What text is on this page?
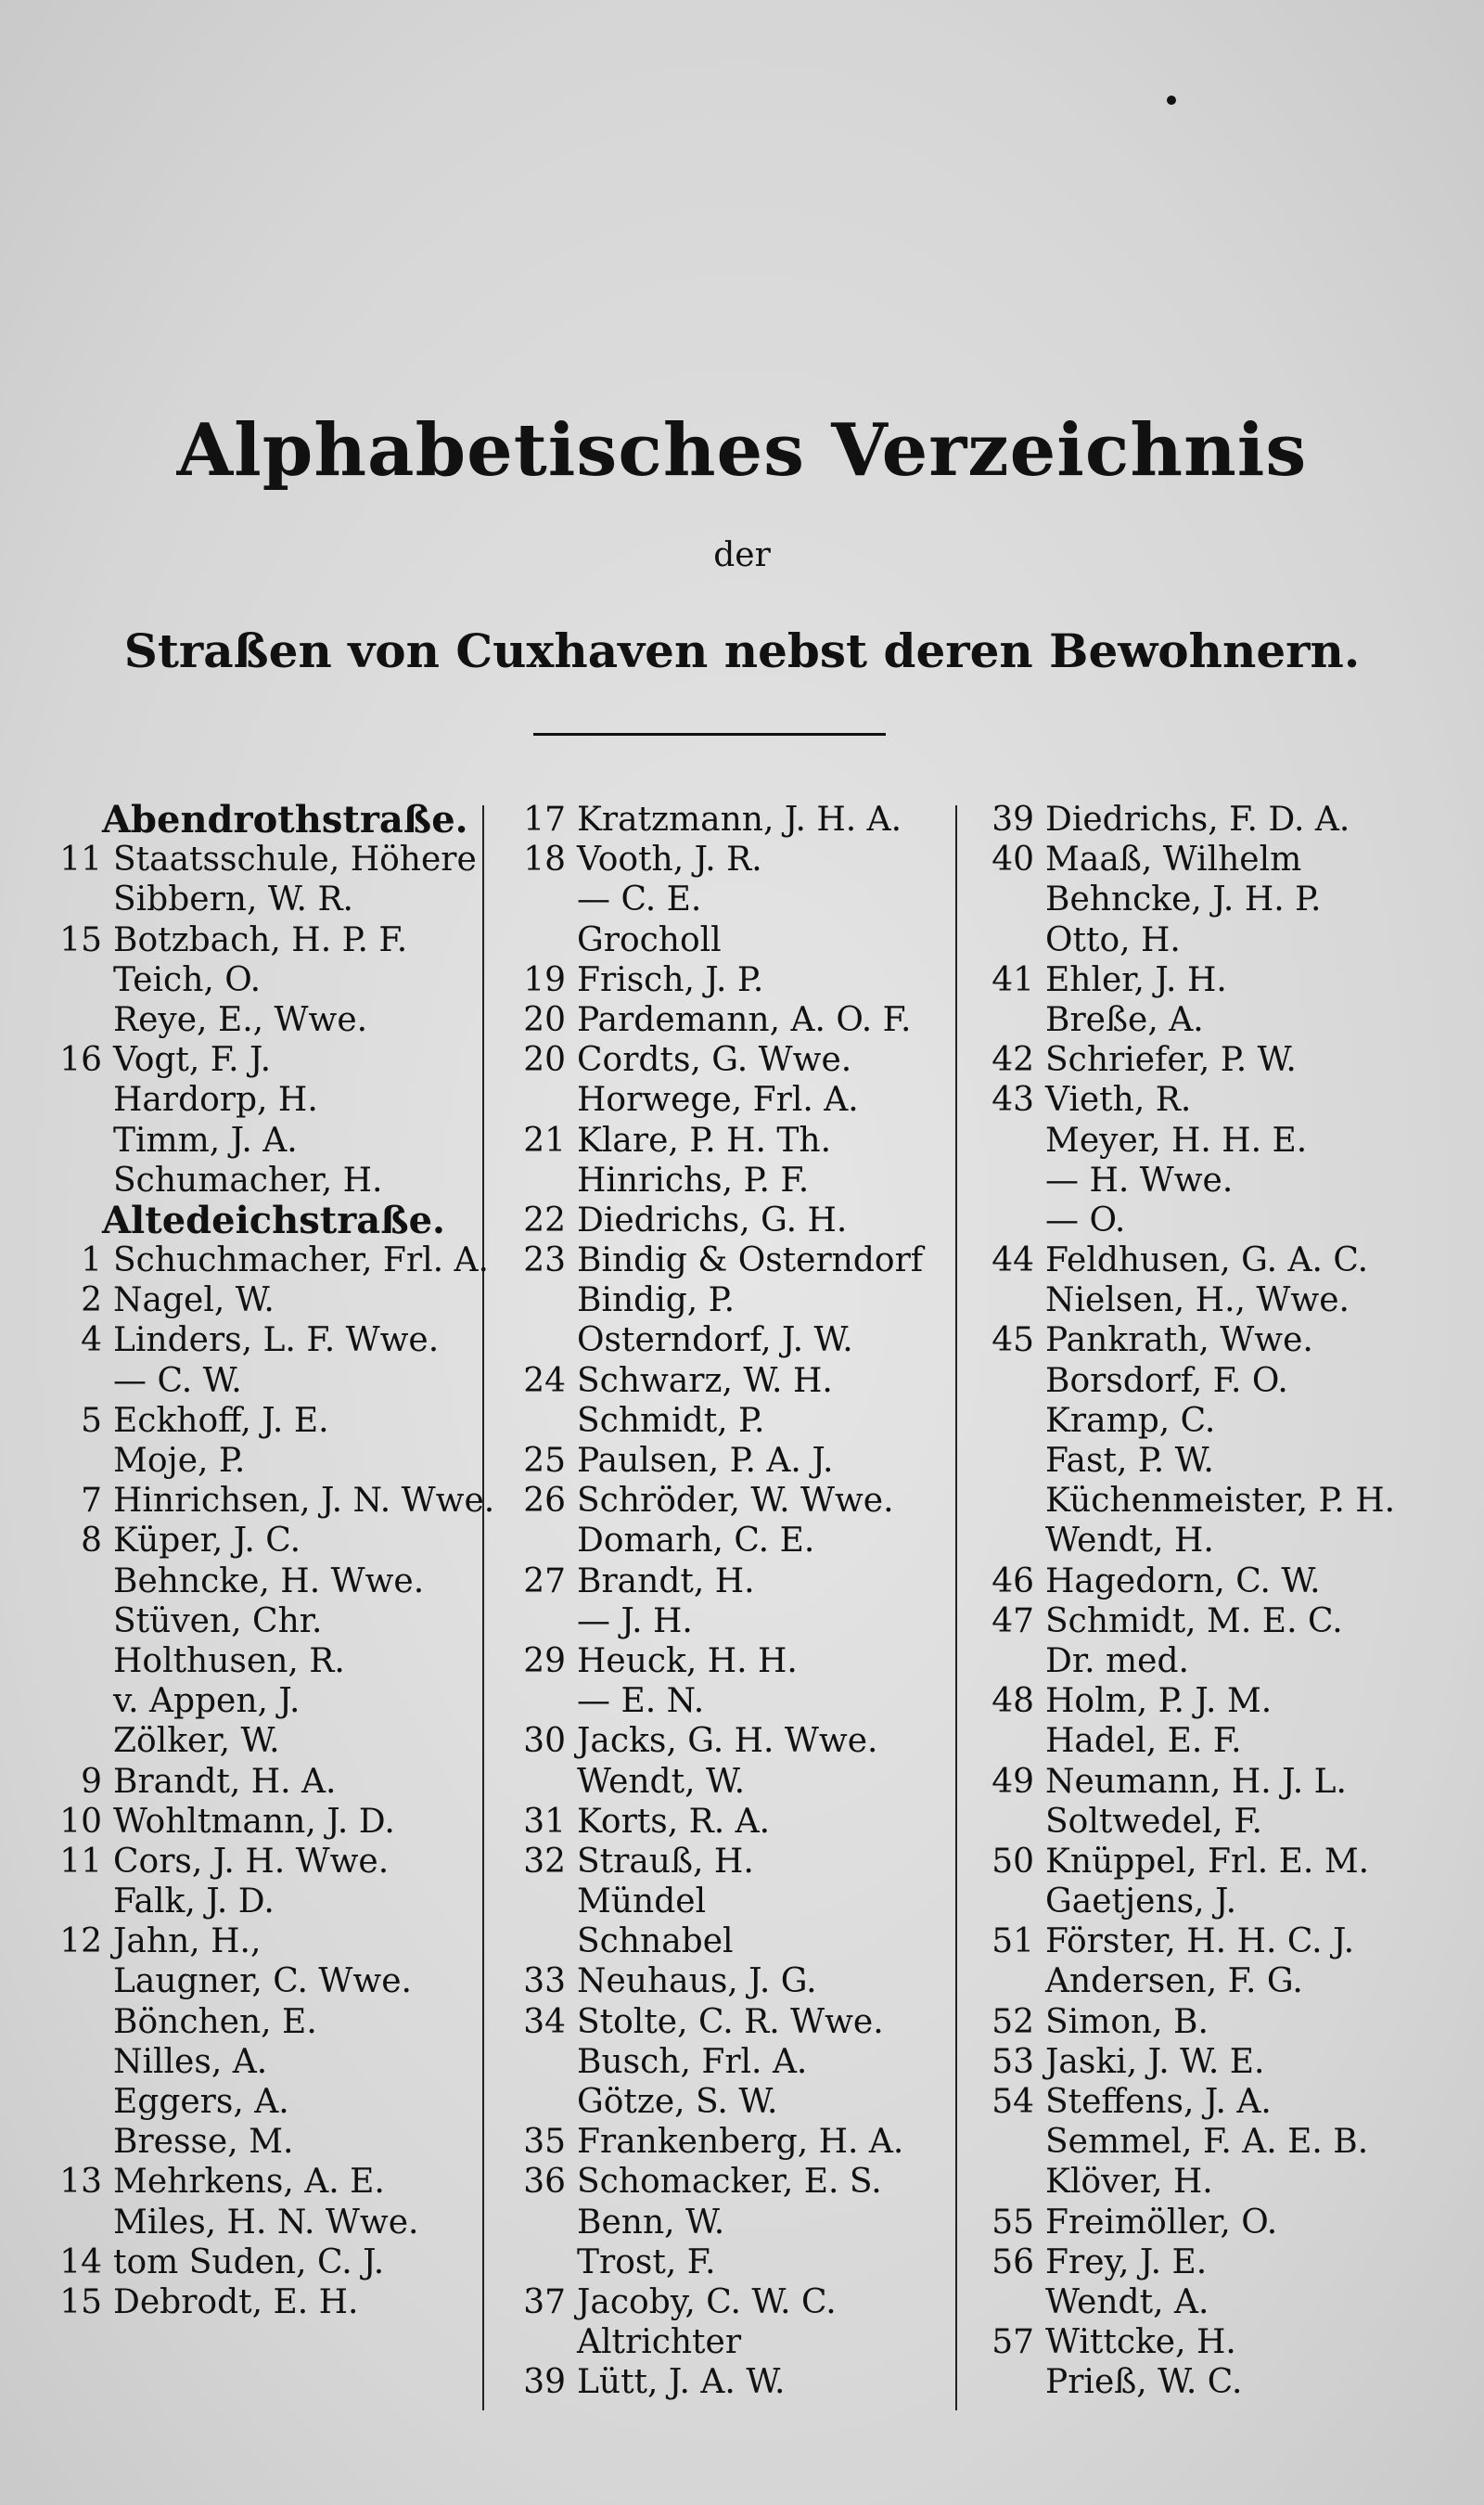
Alphabetisches Verzeichnis
der
Straßen von Cuxhaven nebst deren Bewohnern.
Abendrothstraße.
11 Staatsschule, Höhere
Sibbern, W. R.
15 Botzbach, H. P. F.
Teich, O.
Reye, E., Wwe.
16 Vogt, F. J.
Hardorp, H.
Timm, J. A.
Schumacher, H.
Altedeichstraße.
1 Schuchmacher, Frl. A.
2 Nagel, W.
4 Linders, L. F. Wwe.
— C. W.
5 Eckhoff, J. E.
Moje, P.
7 Hinrichsen, J. N. Wwe.
8 Küper, J. C.
Behncke, H. Wwe.
Stüven, Chr.
Holthusen, R.
v. Appen, J.
Zölker, W.
9 Brandt, H. A.
10 Wohltmann, J. D.
11 Cors, J. H. Wwe.
Falk, J. D.
12 Jahn, H.,
Laugner, C. Wwe.
Bönchen, E.
Nilles, A.
Eggers, A.
Bresse, M.
13 Mehrkens, A. E.
Miles, H. N. Wwe.
14 tom Suden, C. J.
15 Debrodt, E. H.
17 Kratzmann, J. H. A.
18 Vooth, J. R.
— C. E.
Grocholl
19 Frisch, J. P.
20 Pardemann, A. O. F.
20 Cordts, G. Wwe.
Horwege, Frl. A.
21 Klare, P. H. Th.
Hinrichs, P. F.
22 Diedrichs, G. H.
23 Bindig & Osterndorf
Bindig, P.
Osterndorf, J. W.
24 Schwarz, W. H.
Schmidt, P.
25 Paulsen, P. A. J.
26 Schröder, W. Wwe.
Domarh, C. E.
27 Brandt, H.
— J. H.
29 Heuck, H. H.
— E. N.
30 Jacks, G. H. Wwe.
Wendt, W.
31 Korts, R. A.
32 Strauß, H.
Mündel
Schnabel
33 Neuhaus, J. G.
34 Stolte, C. R. Wwe.
Busch, Frl. A.
Götze, S. W.
35 Frankenberg, H. A.
36 Schomacker, E. S.
Benn, W.
Trost, F.
37 Jacoby, C. W. C.
Altrichter
39 Lütt, J. A. W.
39 Diedrichs, F. D. A.
40 Maaß, Wilhelm
Behncke, J. H. P.
Otto, H.
41 Ehler, J. H.
Breße, A.
42 Schriefer, P. W.
43 Vieth, R.
Meyer, H. H. E.
— H. Wwe.
— O.
44 Feldhusen, G. A. C.
Nielsen, H., Wwe.
45 Pankrath, Wwe.
Borsdorf, F. O.
Kramp, C.
Fast, P. W.
Küchenmeister, P. H.
Wendt, H.
46 Hagedorn, C. W.
47 Schmidt, M. E. C.
Dr. med.
48 Holm, P. J. M.
Hadel, E. F.
49 Neumann, H. J. L.
Soltwedel, F.
50 Knüppel, Frl. E. M.
Gaetjens, J.
51 Förster, H. H. C. J.
Andersen, F. G.
52 Simon, B.
53 Jaski, J. W. E.
54 Steffens, J. A.
Semmel, F. A. E. B.
Klöver, H.
55 Freimöller, O.
56 Frey, J. E.
Wendt, A.
57 Wittcke, H.
Prieß, W. C.
